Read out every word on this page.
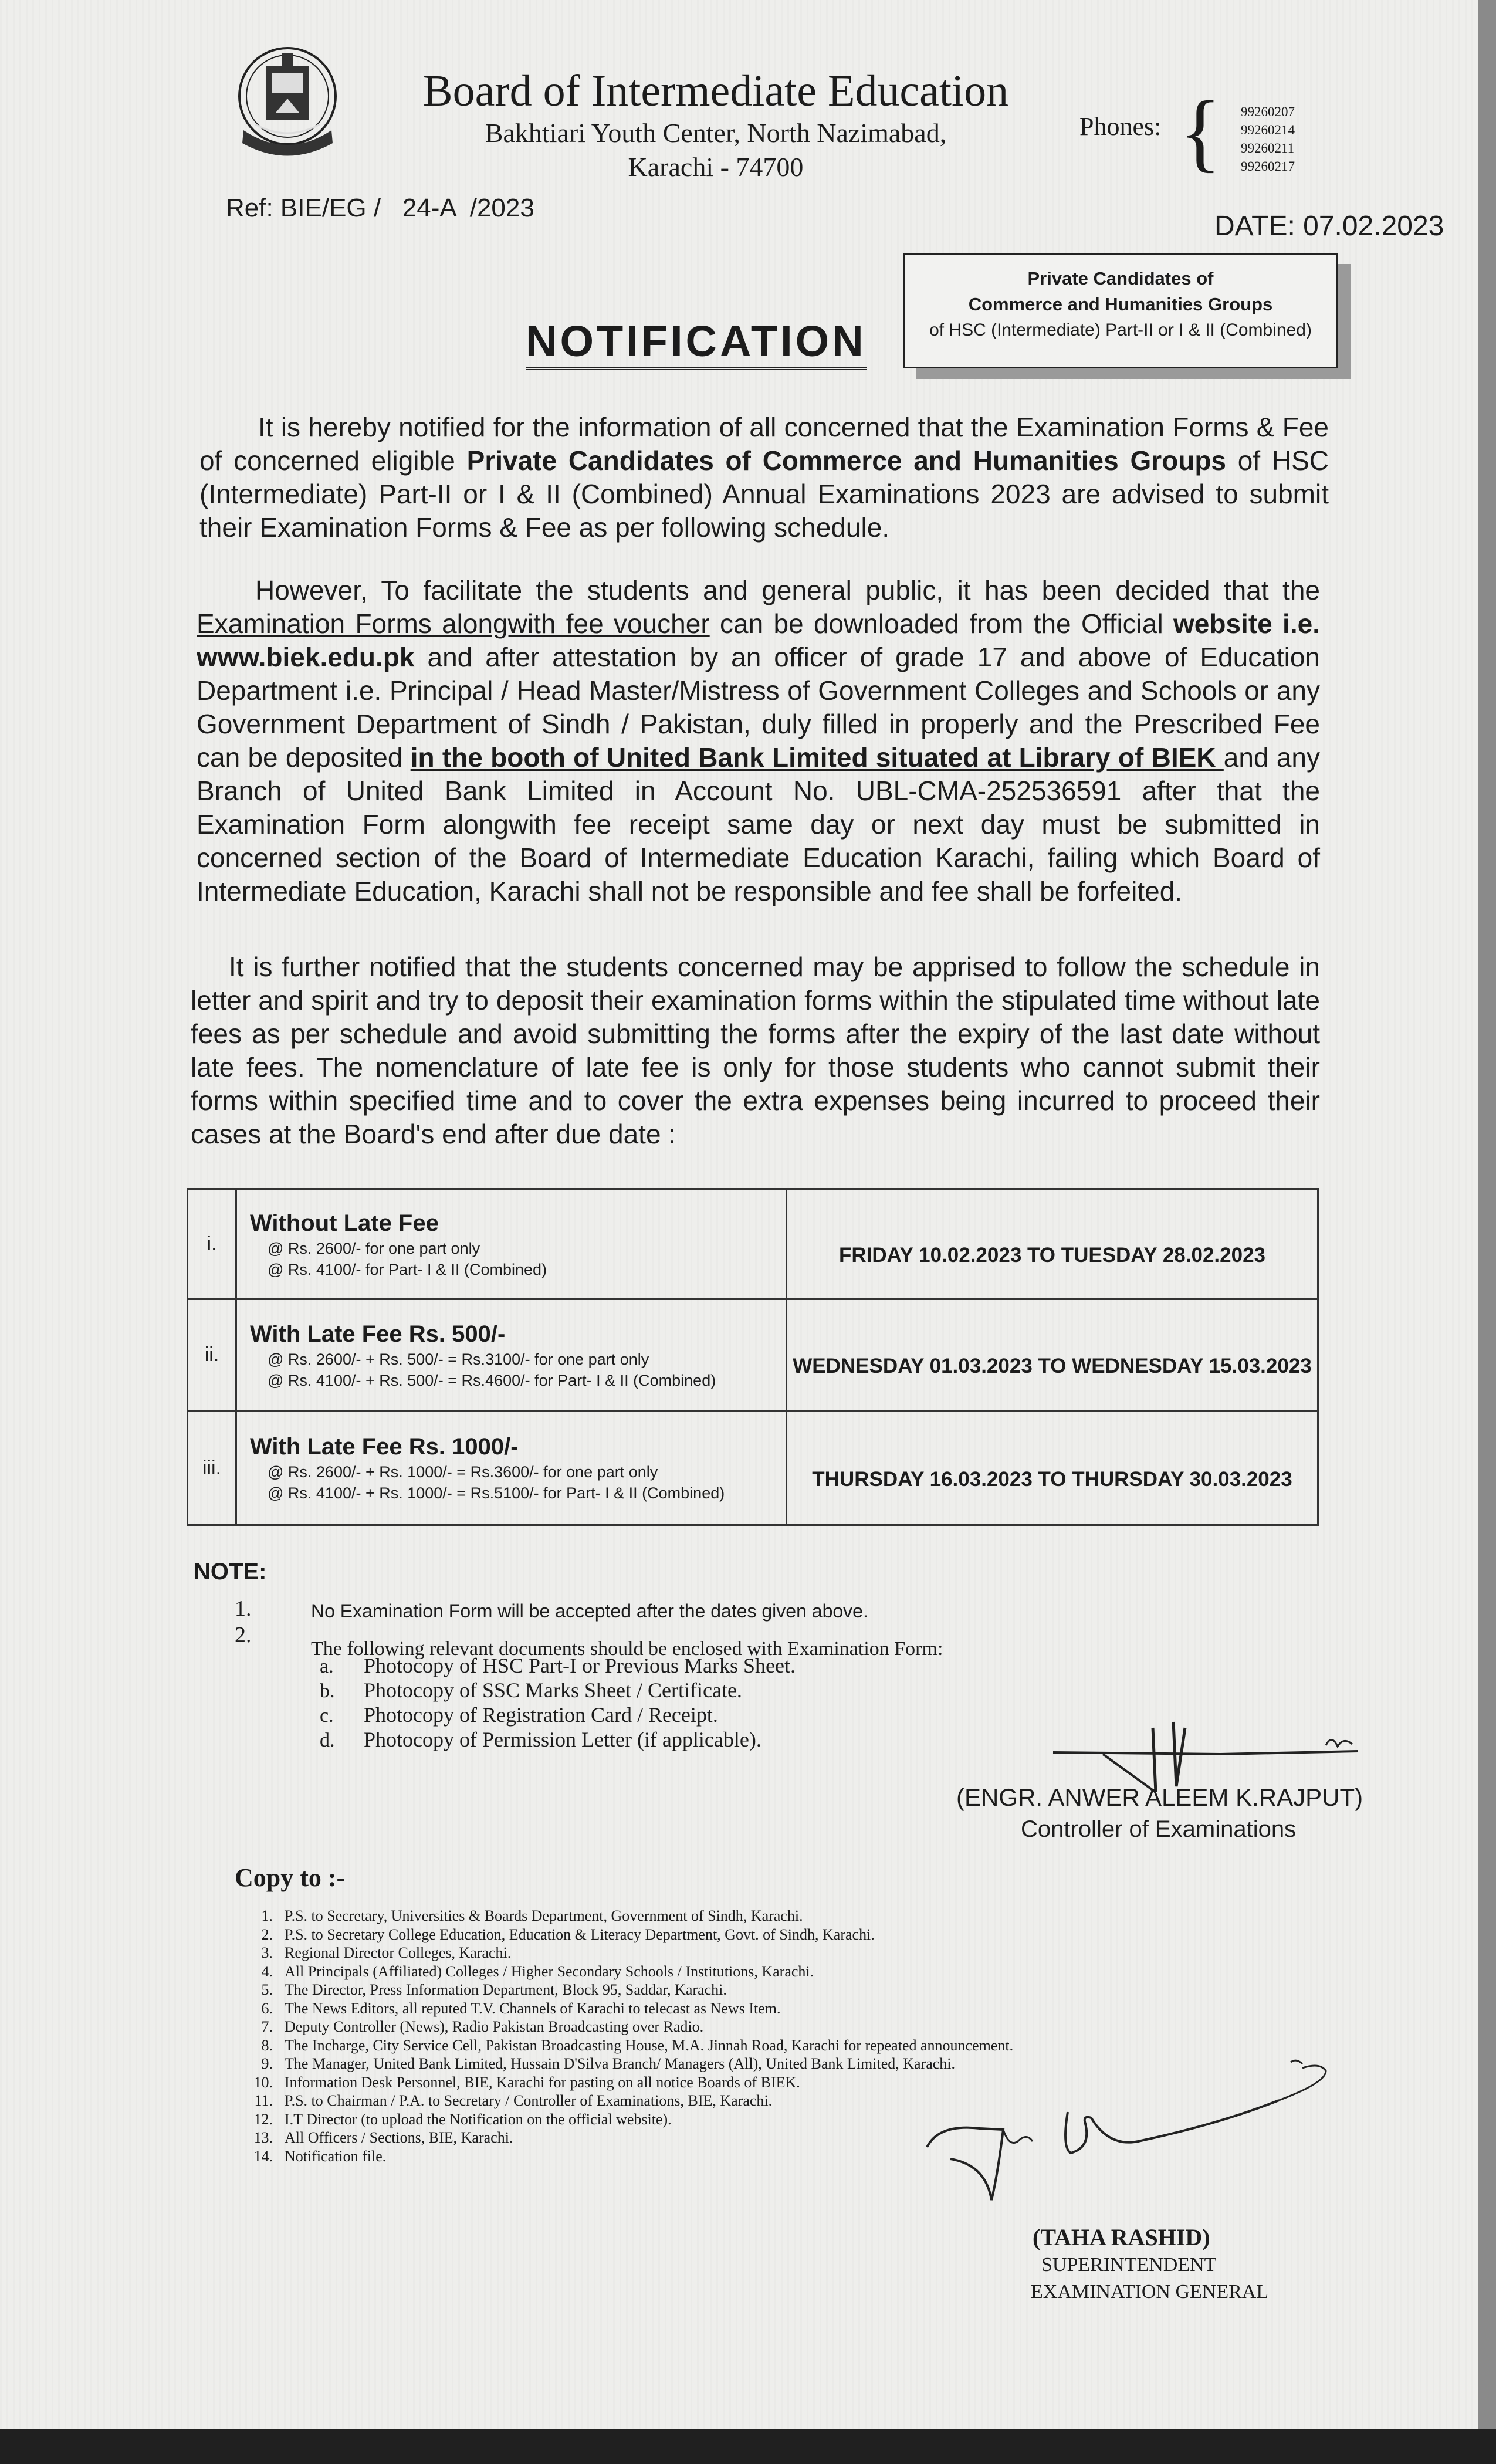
Board of Intermediate Education
Bakhtiari Youth Center, North Nazimabad,
Karachi - 74700
Phones: { 99260207
99260214
99260211
99260217
Ref: BIE/EG /   24-A  /2023
DATE: 07.02.2023
Private Candidates of
Commerce and Humanities Groups
of HSC (Intermediate) Part-II or I & II (Combined)
NOTIFICATION
It is hereby notified for the information of all concerned that the Examination Forms & Fee of concerned eligible Private Candidates of Commerce and Humanities Groups of HSC (Intermediate) Part-II or I & II (Combined) Annual Examinations 2023 are advised to submit their Examination Forms & Fee as per following schedule.
However, To facilitate the students and general public, it has been decided that the Examination Forms alongwith fee voucher can be downloaded from the Official website i.e. www.biek.edu.pk and after attestation by an officer of grade 17 and above of Education Department i.e. Principal / Head Master/Mistress of Government Colleges and Schools or any Government Department of Sindh / Pakistan, duly filled in properly and the Prescribed Fee can be deposited in the booth of United Bank Limited situated at Library of BIEK and any Branch of United Bank Limited in Account No. UBL-CMA-252536591 after that the Examination Form alongwith fee receipt same day or next day must be submitted in concerned section of the Board of Intermediate Education Karachi, failing which Board of Intermediate Education, Karachi shall not be responsible and fee shall be forfeited.
It is further notified that the students concerned may be apprised to follow the schedule in letter and spirit and try to deposit their examination forms within the stipulated time without late fees as per schedule and avoid submitting the forms after the expiry of the last date without late fees. The nomenclature of late fee is only for those students who cannot submit their forms within specified time and to cover the extra expenses being incurred to proceed their cases at the Board's end after due date :
i.	Without Late Fee
@ Rs. 2600/- for one part only
@ Rs. 4100/- for Part- I & II (Combined)	FRIDAY 10.02.2023 TO TUESDAY 28.02.2023
ii.	With Late Fee Rs. 500/-
@ Rs. 2600/- + Rs. 500/- = Rs.3100/- for one part only
@ Rs. 4100/- + Rs. 500/- = Rs.4600/- for Part- I & II (Combined)	WEDNESDAY 01.03.2023 TO WEDNESDAY 15.03.2023
iii.	With Late Fee Rs. 1000/-
@ Rs. 2600/- + Rs. 1000/- = Rs.3600/- for one part only
@ Rs. 4100/- + Rs. 1000/- = Rs.5100/- for Part- I & II (Combined)	THURSDAY 16.03.2023 TO THURSDAY 30.03.2023
NOTE:
1.	No Examination Form will be accepted after the dates given above.
2.
The following relevant documents should be enclosed with Examination Form:
a. Photocopy of HSC Part-I or Previous Marks Sheet.
b. Photocopy of SSC Marks Sheet / Certificate.
c. Photocopy of Registration Card / Receipt.
d. Photocopy of Permission Letter (if applicable).
(ENGR. ANWER ALEEM K.RAJPUT)
Controller of Examinations
Copy to :-
1. P.S. to Secretary, Universities & Boards Department, Government of Sindh, Karachi.
2. P.S. to Secretary College Education, Education & Literacy Department, Govt. of Sindh, Karachi.
3. Regional Director Colleges, Karachi.
4. All Principals (Affiliated) Colleges / Higher Secondary Schools / Institutions, Karachi.
5. The Director, Press Information Department, Block 95, Saddar, Karachi.
6. The News Editors, all reputed T.V. Channels of Karachi to telecast as News Item.
7. Deputy Controller (News), Radio Pakistan Broadcasting over Radio.
8. The Incharge, City Service Cell, Pakistan Broadcasting House, M.A. Jinnah Road, Karachi for repeated announcement.
9. The Manager, United Bank Limited, Hussain D'Silva Branch/ Managers (All), United Bank Limited, Karachi.
10. Information Desk Personnel, BIE, Karachi for pasting on all notice Boards of BIEK.
11. P.S. to Chairman / P.A. to Secretary / Controller of Examinations, BIE, Karachi.
12. I.T Director (to upload the Notification on the official website).
13. All Officers / Sections, BIE, Karachi.
14. Notification file.
(TAHA RASHID)
SUPERINTENDENT
EXAMINATION GENERAL
